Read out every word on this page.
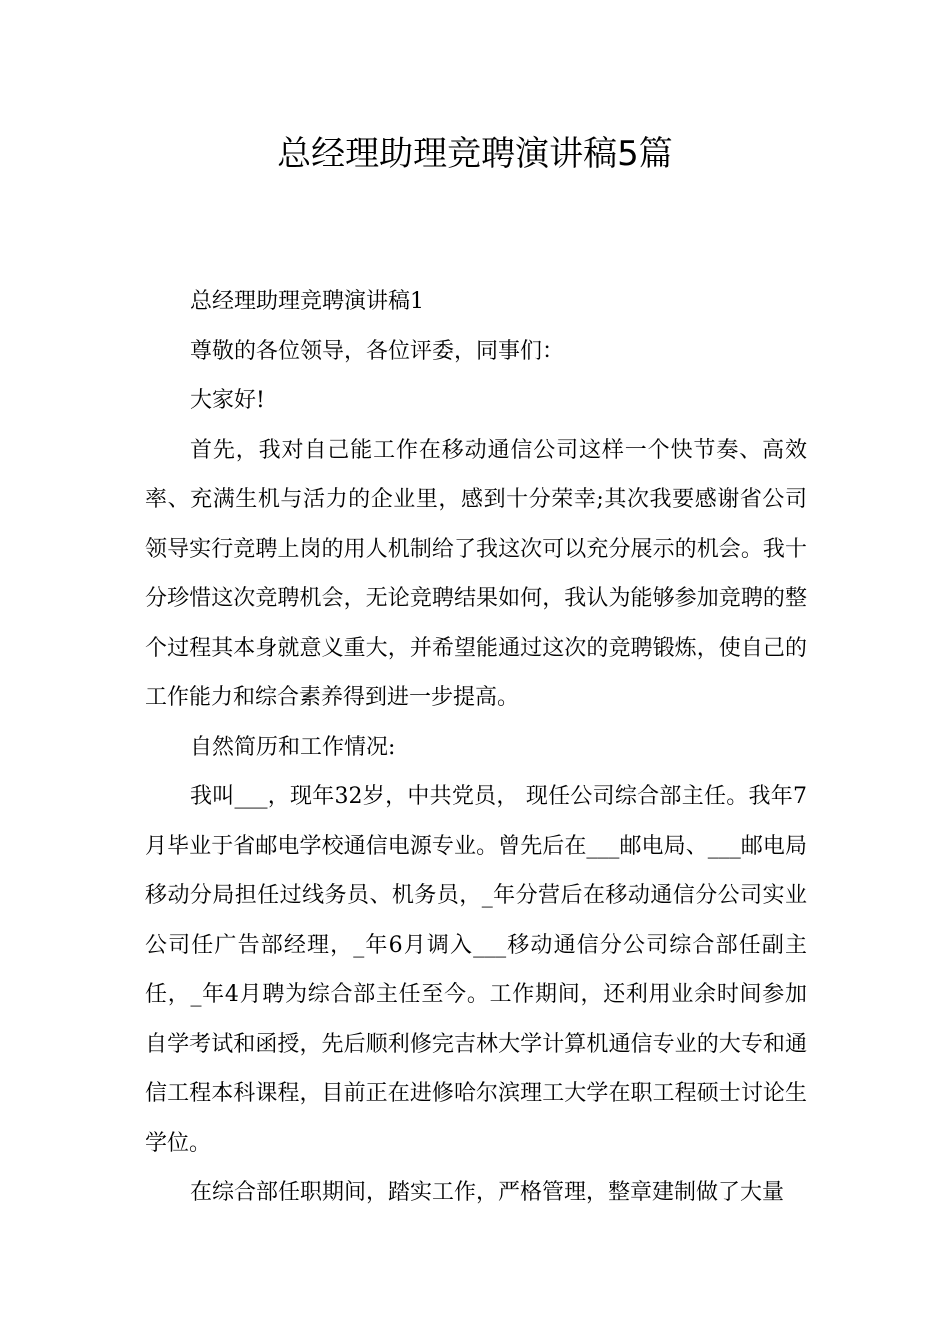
总经理助理竞聘演讲稿5篇

总经理助理竞聘演讲稿1

尊敬的各位领导，各位评委，同事们：

大家好!

首先，我对自己能工作在移动通信公司这样一个快节奏、高效率、充满生机与活力的企业里，感到十分荣幸;其次我要感谢省公司领导实行竞聘上岗的用人机制给了我这次可以充分展示的机会。我十分珍惜这次竞聘机会，无论竞聘结果如何，我认为能够参加竞聘的整个过程其本身就意义重大，并希望能通过这次的竞聘锻炼，使自己的工作能力和综合素养得到进一步提高。

自然简历和工作情况:

我叫___，现年32岁，中共党员， 现任公司综合部主任。我年7月毕业于省邮电学校通信电源专业。曾先后在___邮电局、___邮电局移动分局担任过线务员、机务员，_年分营后在移动通信分公司实业公司任广告部经理，_年6月调入___移动通信分公司综合部任副主任，_年4月聘为综合部主任至今。工作期间，还利用业余时间参加自学考试和函授，先后顺利修完吉林大学计算机通信专业的大专和通信工程本科课程，目前正在进修哈尔滨理工大学在职工程硕士讨论生学位。

在综合部任职期间，踏实工作，严格管理，整章建制做了大量
